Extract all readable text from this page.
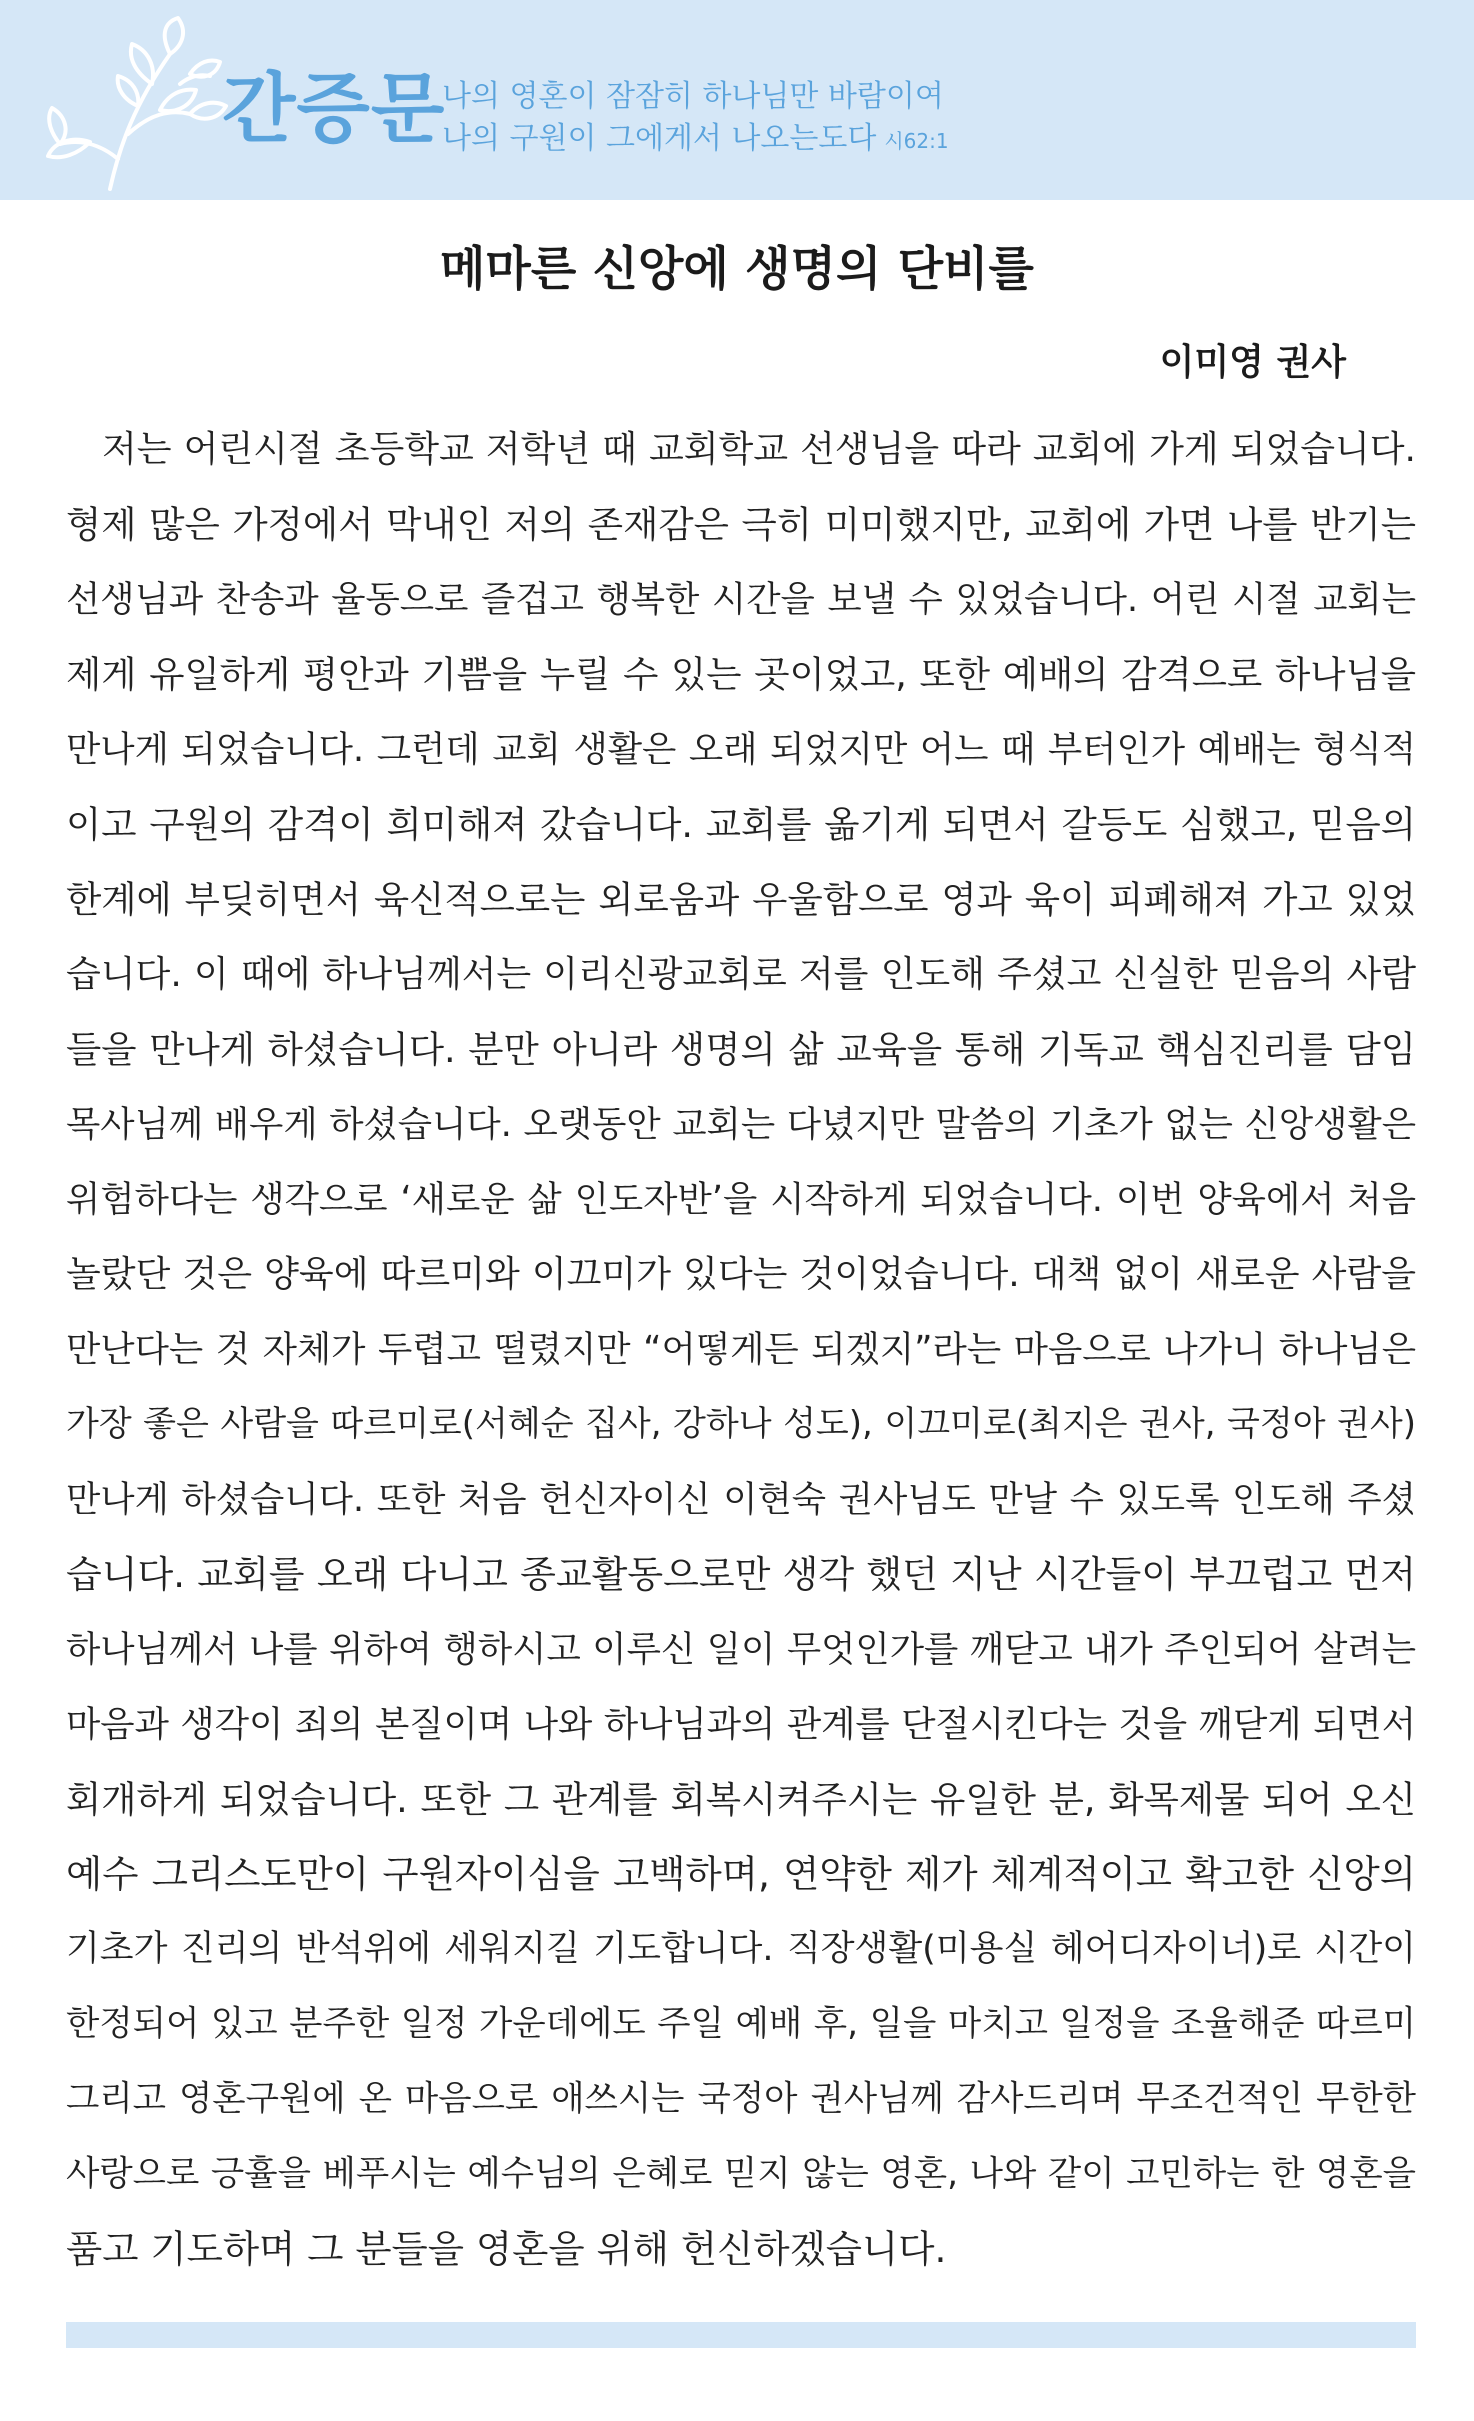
간증문
나의 영혼이 잠잠히 하나님만 바람이여
나의 구원이 그에게서 나오는도다 시62:1
메마른 신앙에 생명의 단비를
이미영 권사
저는 어린시절 초등학교 저학년 때 교회학교 선생님을 따라 교회에 가게 되었습니다.
형제 많은 가정에서 막내인 저의 존재감은 극히 미미했지만, 교회에 가면 나를 반기는
선생님과 찬송과 율동으로 즐겁고 행복한 시간을 보낼 수 있었습니다. 어린 시절 교회는
제게 유일하게 평안과 기쁨을 누릴 수 있는 곳이었고, 또한 예배의 감격으로 하나님을
만나게 되었습니다. 그런데 교회 생활은 오래 되었지만 어느 때 부터인가 예배는 형식적
이고 구원의 감격이 희미해져 갔습니다. 교회를 옮기게 되면서 갈등도 심했고, 믿음의
한계에 부딪히면서 육신적으로는 외로움과 우울함으로 영과 육이 피폐해져 가고 있었
습니다. 이 때에 하나님께서는 이리신광교회로 저를 인도해 주셨고 신실한 믿음의 사람
들을 만나게 하셨습니다. 분만 아니라 생명의 삶 교육을 통해 기독교 핵심진리를 담임
목사님께 배우게 하셨습니다. 오랫동안 교회는 다녔지만 말씀의 기초가 없는 신앙생활은
위험하다는 생각으로 ‘새로운 삶 인도자반’을 시작하게 되었습니다. 이번 양육에서 처음
놀랐단 것은 양육에 따르미와 이끄미가 있다는 것이었습니다. 대책 없이 새로운 사람을
만난다는 것 자체가 두렵고 떨렸지만 “어떻게든 되겠지”라는 마음으로 나가니 하나님은
가장 좋은 사람을 따르미로(서혜순 집사, 강하나 성도), 이끄미로(최지은 권사, 국정아 권사)
만나게 하셨습니다. 또한 처음 헌신자이신 이현숙 권사님도 만날 수 있도록 인도해 주셨
습니다. 교회를 오래 다니고 종교활동으로만 생각 했던 지난 시간들이 부끄럽고 먼저
하나님께서 나를 위하여 행하시고 이루신 일이 무엇인가를 깨닫고 내가 주인되어 살려는
마음과 생각이 죄의 본질이며 나와 하나님과의 관계를 단절시킨다는 것을 깨닫게 되면서
회개하게 되었습니다. 또한 그 관계를 회복시켜주시는 유일한 분, 화목제물 되어 오신
예수 그리스도만이 구원자이심을 고백하며, 연약한 제가 체계적이고 확고한 신앙의
기초가 진리의 반석위에 세워지길 기도합니다. 직장생활(미용실 헤어디자이너)로 시간이
한정되어 있고 분주한 일정 가운데에도 주일 예배 후, 일을 마치고 일정을 조율해준 따르미
그리고 영혼구원에 온 마음으로 애쓰시는 국정아 권사님께 감사드리며 무조건적인 무한한
사랑으로 긍휼을 베푸시는 예수님의 은혜로 믿지 않는 영혼, 나와 같이 고민하는 한 영혼을
품고 기도하며 그 분들을 영혼을 위해 헌신하겠습니다.
